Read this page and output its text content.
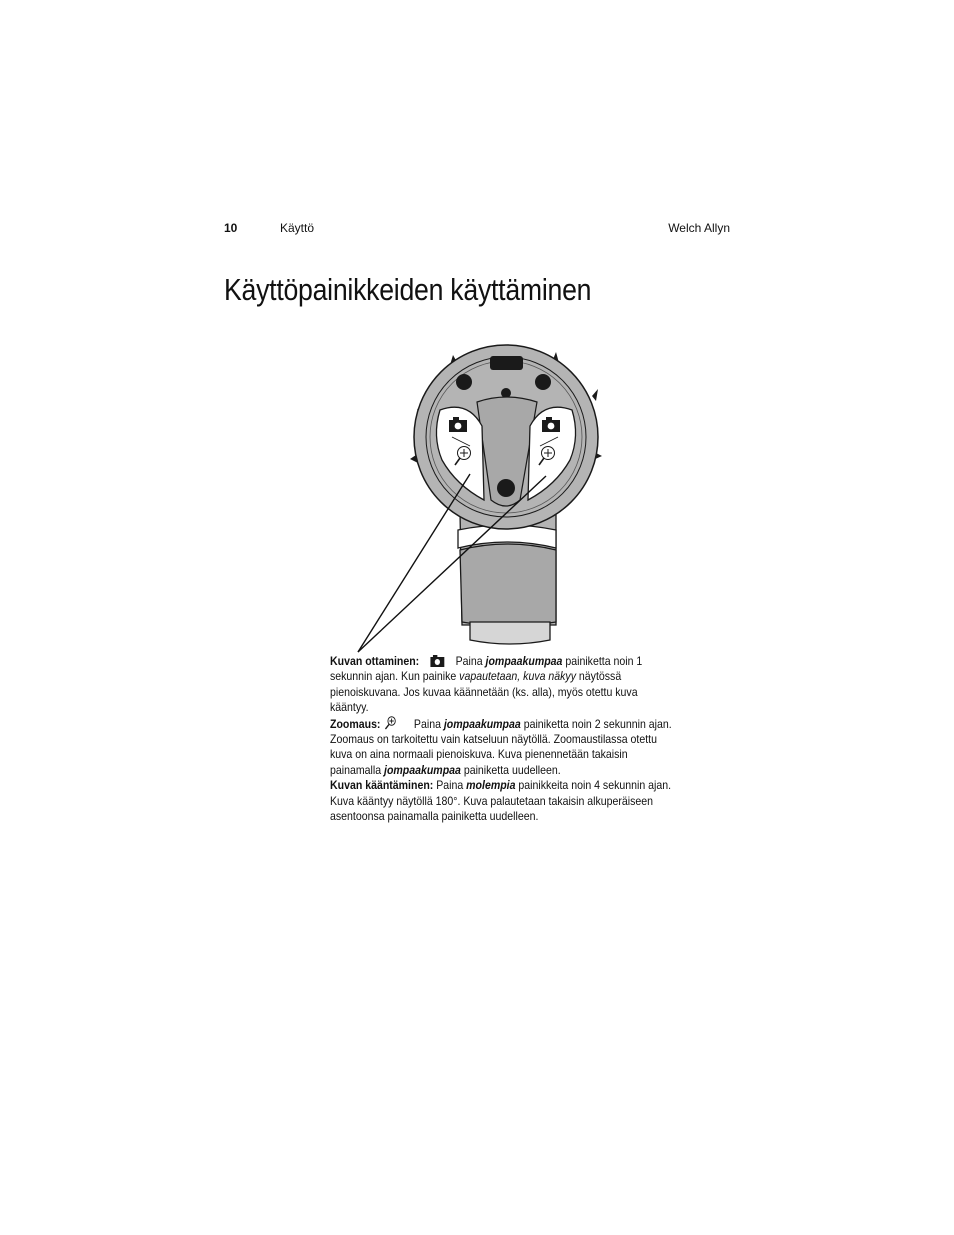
10	Käyttö	Welch Allyn
Käyttöpainikkeiden käyttäminen

Kuvan ottaminen:	Paina jompaakumpaa painiketta noin 1 sekunnin ajan. Kun painike vapautetaan, kuva näkyy näytössä pienoiskuvana. Jos kuvaa käännetään (ks. alla), myös otettu kuva kääntyy.

Zoomaus:	Paina jompaakumpaa painiketta noin 2 sekunnin ajan. Zoomaus on tarkoitettu vain katseluun näytöllä. Zoomaustilassa otettu kuva on aina normaali pienoiskuva. Kuva pienennetään takaisin painamalla jompaakumpaa painiketta uudelleen.

Kuvan kääntäminen: Paina molempia painikkeita noin 4 sekunnin ajan. Kuva kääntyy näytöllä 180°. Kuva palautetaan takaisin alkuperäiseen asentoonsa painamalla painiketta uudelleen.
